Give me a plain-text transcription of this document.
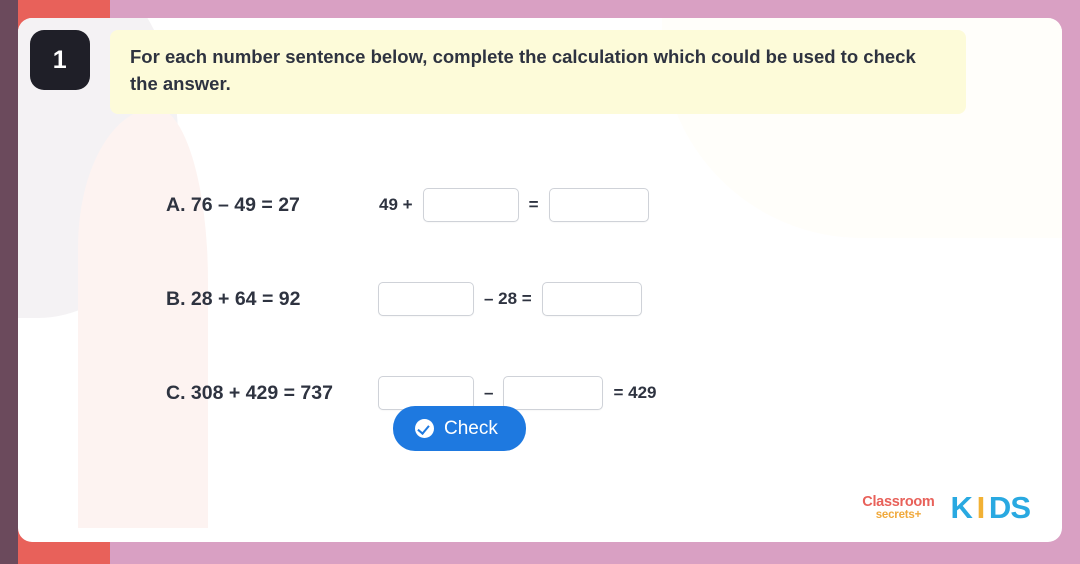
1	For each number sentence below, complete the calculation which could be used to check the answer.
A. 76 – 49 = 27	49 +	=
B. 28 + 64 = 92	– 28 =
C. 308 + 429 = 737	–	= 429
Check
Classroom
secrets+ K I D S
